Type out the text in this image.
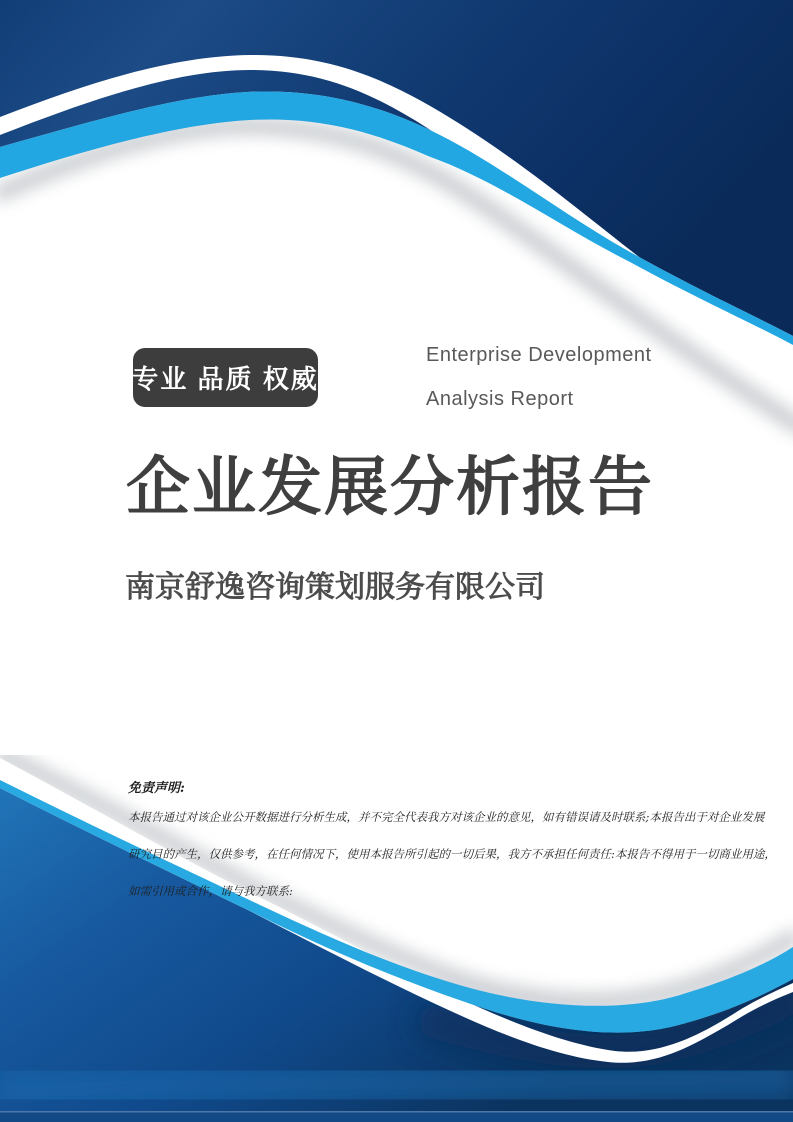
专业 品质 权威
Enterprise Development
Analysis Report
企业发展分析报告
南京舒逸咨询策划服务有限公司
免责声明:
本报告通过对该企业公开数据进行分析生成，并不完全代表我方对该企业的意见，如有错误请及时联系;本报告出于对企业发展
研究目的产生，仅供参考，在任何情况下，使用本报告所引起的一切后果，我方不承担任何责任:本报告不得用于一切商业用途，
如需引用或合作，请与我方联系:
